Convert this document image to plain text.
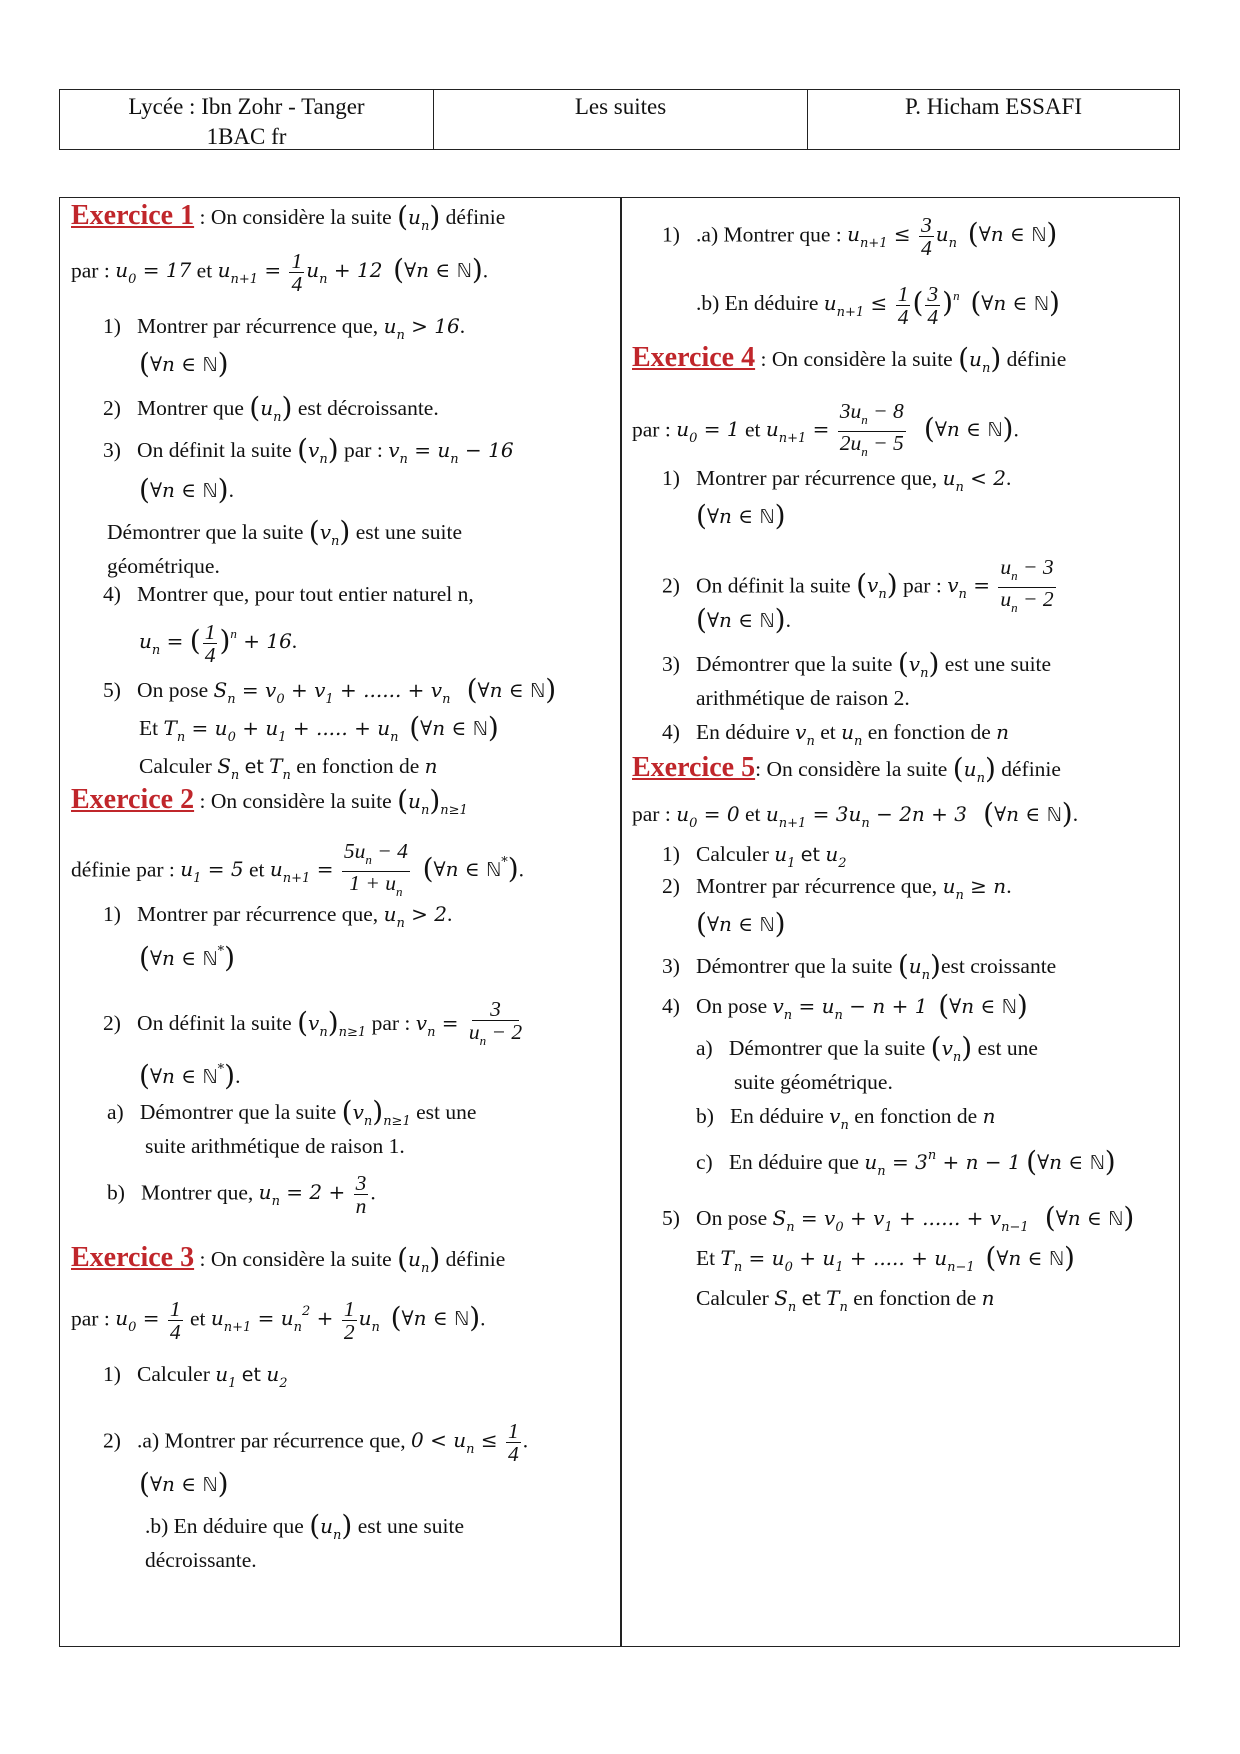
Lycée : Ibn Zohr - Tanger
1BAC fr
Les suites	P. Hicham ESSAFI
Exercice 1 : On considère la suite $(u_n)$ définie
par : $u_0 = 17$ et $u_{n+1} = \frac{1}{4} u_n + 12$ (∀n ∈ ℕ).
1)   Montrer par récurrence que, $u_n > 16$.
(∀n ∈ ℕ)
2)   Montrer que $(u_n)$ est décroissante.
3)   On définit la suite $(v_n)$ par : $v_n = u_n - 16$
(∀n ∈ ℕ).
Démontrer que la suite $(v_n)$ est une suite
géométrique.
4)   Montrer que, pour tout entier naturel n,
$u_n$ = ( $\frac{1}{4} )^n + 16$.
5)   On pose $S_n = v_0 + v_1$ + ...... + $v_n$ (∀n ∈ ℕ)
Et $T_n = u_0 + u_1$ + ..... + $u_n$ (∀n ∈ ℕ)
Calculer $S_n$ et $T_n$ en fonction de n
Exercice 2 : On considère la suite $(u_n)_{n\ge 1}$
définie par : $u_1 = 5$ et $u_{n+1} = \frac{5u_n - 4}{1 + u_n}$ (∀n ∈ ℕ*).
1)   Montrer par récurrence que, $u_n > 2$.
(∀n ∈ ℕ*)
2)   On définit la suite $(v_n)_{n\ge 1}$ par : $v_n = \frac{3}{u_n - 2}$
(∀n ∈ ℕ*).
a)   Démontrer que la suite $(v_n)_{n\ge 1}$ est une
suite arithmétique de raison 1.
b)   Montrer que, $u_n = 2 + \frac{3}{n}$ .
Exercice 3 : On considère la suite $(u_n)$ définie
par : $u_0 = \frac{1}{4}$ et $u_{n+1} = u_n^2 + \frac{1}{2} u_n$ (∀n ∈ ℕ).
1)   Calculer $u_1$ et $u_2$
2)   .a) Montrer par récurrence que, $0 < u_n \le \frac{1}{4}$ .
(∀n ∈ ℕ)
.b) En déduire que $(u_n)$ est une suite
décroissante.
1)   .a) Montrer que : $u_{n+1} \le \frac{3}{4} u_n$ (∀n ∈ ℕ)
.b) En déduire $u_{n+1} \le \frac{1}{4}$ ( $\frac{3}{4} )^n$ (∀n ∈ ℕ)
Exercice 4 : On considère la suite $(u_n)$ définie
par : $u_0 = 1$ et $u_{n+1} = \frac{3u_n - 8}{2u_n - 5}$ (∀n ∈ ℕ).
1)   Montrer par récurrence que, $u_n < 2$.
(∀n ∈ ℕ)
2)   On définit la suite $(v_n)$ par : $v_n = \frac{u_n - 3}{u_n - 2}$
(∀n ∈ ℕ).
3)   Démontrer que la suite $(v_n)$ est une suite
arithmétique de raison 2.
4)   En déduire $v_n$ et $u_n$ en fonction de n
Exercice 5: On considère la suite $(u_n)$ définie
par : $u_0 = 0$ et $u_{n+1} = 3u_n - 2n + 3$ (∀n ∈ ℕ).
1)   Calculer $u_1$ et $u_2$
2)   Montrer par récurrence que, $u_n \ge n$.
(∀n ∈ ℕ)
3)   Démontrer que la suite $(u_n)est$ croissante
4)   On pose $v_n = u_n - n + 1$ (∀n ∈ ℕ)
a)   Démontrer que la suite $(v_n)$ est une
suite géométrique.
b)   En déduire $v_n$ en fonction de n
c)   En déduire que $u_n = 3^n + n - 1$ (∀n ∈ ℕ)
5)   On pose $S_n = v_0 + v_1$ + ...... + $v_{n-1}$ (∀n ∈ ℕ)
Et $T_n = u_0 + u_1$ + ..... + $u_{n-1}$ (∀n ∈ ℕ)
Calculer $S_n$ et $T_n$ en fonction de n
